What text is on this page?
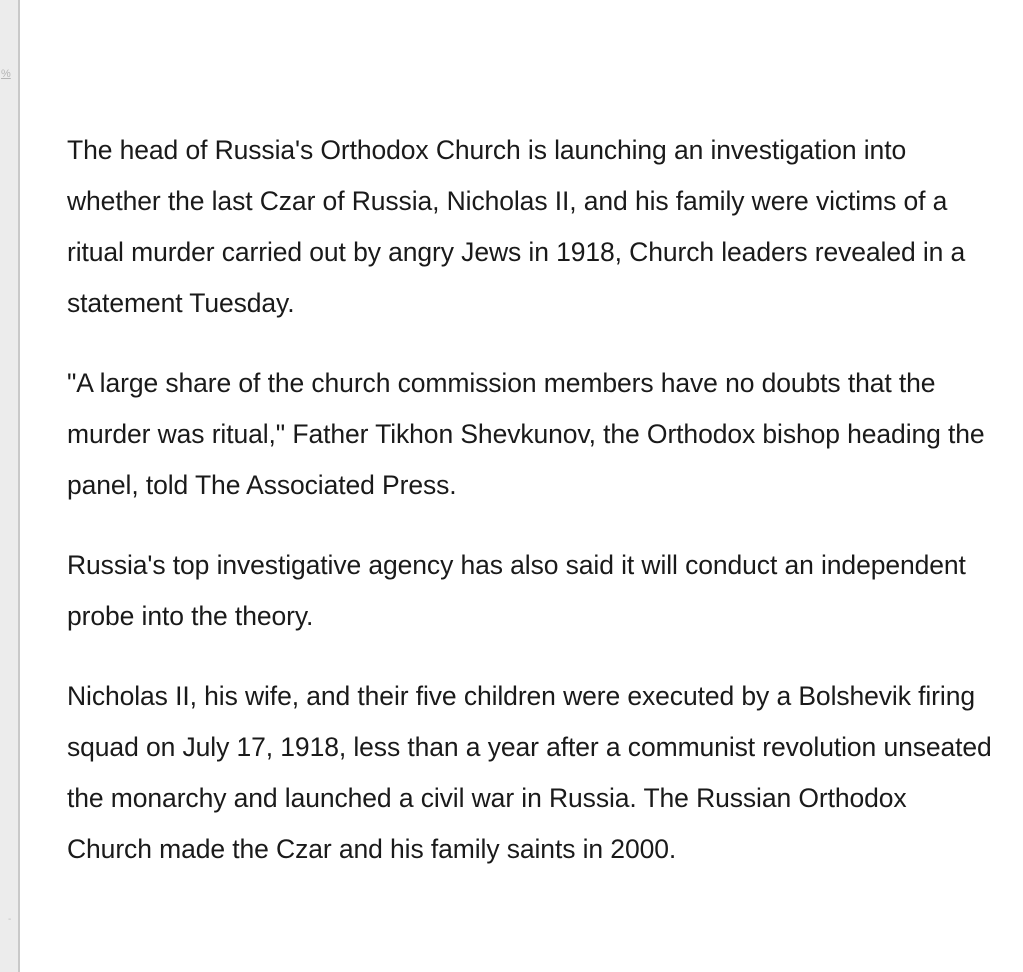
%
-

The head of Russia's Orthodox Church is launching an investigation into whether the last Czar of Russia, Nicholas II, and his family were victims of a ritual murder carried out by angry Jews in 1918, Church leaders revealed in a statement Tuesday.

"A large share of the church commission members have no doubts that the murder was ritual," Father Tikhon Shevkunov, the Orthodox bishop heading the panel, told The Associated Press.

Russia's top investigative agency has also said it will conduct an independent probe into the theory.

Nicholas II, his wife, and their five children were executed by a Bolshevik firing squad on July 17, 1918, less than a year after a communist revolution unseated the monarchy and launched a civil war in Russia. The Russian Orthodox Church made the Czar and his family saints in 2000.
